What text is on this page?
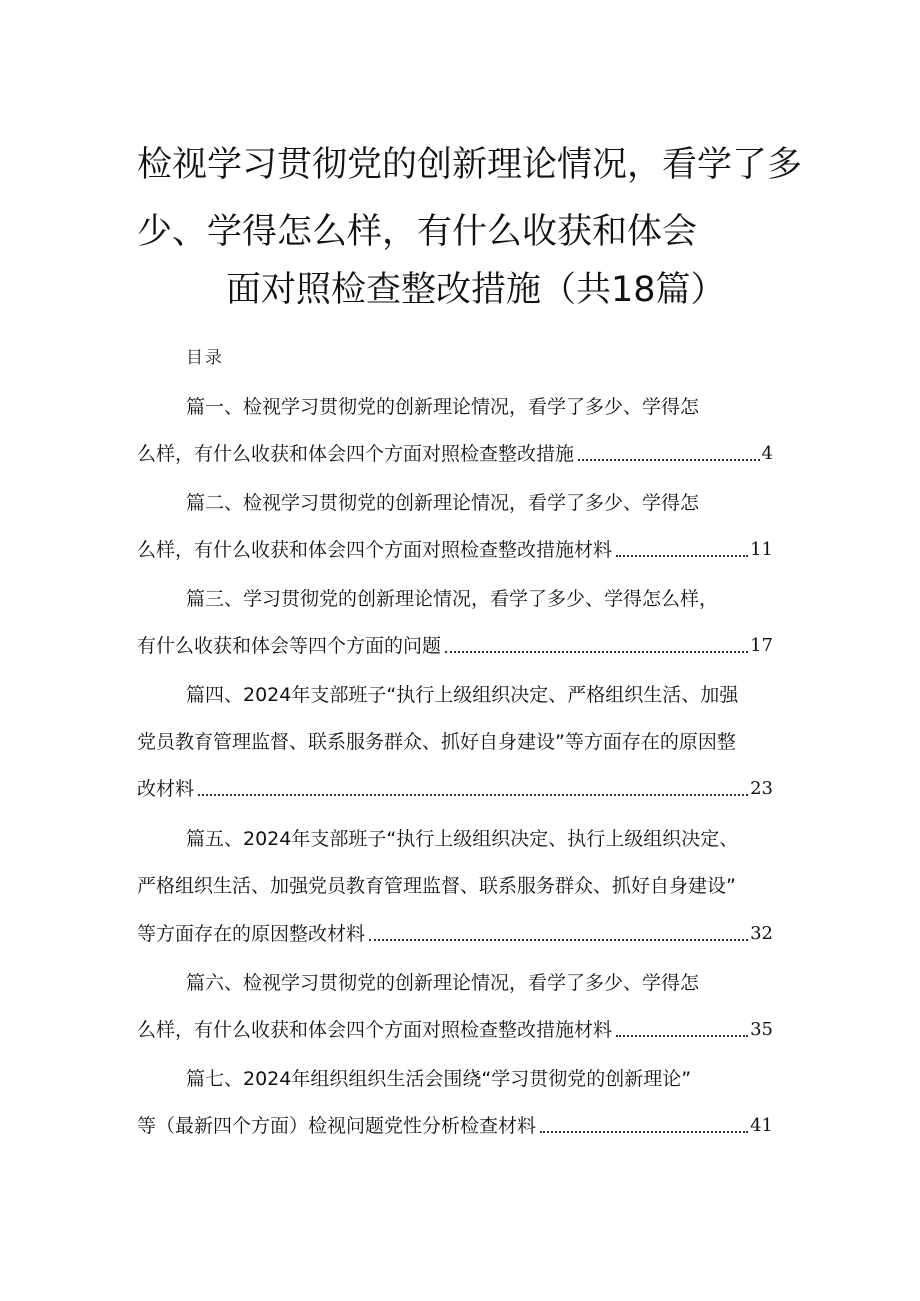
检视学习贯彻党的创新理论情况，看学了多
少、学得怎么样，有什么收获和体会
面对照检查整改措施（共18篇）
目录
篇一、检视学习贯彻党的创新理论情况，看学了多少、学得怎
么样，有什么收获和体会四个方面对照检查整改措施	4
篇二、检视学习贯彻党的创新理论情况，看学了多少、学得怎
么样，有什么收获和体会四个方面对照检查整改措施材料	11
篇三、学习贯彻党的创新理论情况，看学了多少、学得怎么样，
有什么收获和体会等四个方面的问题	17
篇四、2024年支部班子“执行上级组织决定、严格组织生活、加强
党员教育管理监督、联系服务群众、抓好自身建设”等方面存在的原因整
改材料	23
篇五、2024年支部班子“执行上级组织决定、执行上级组织决定、
严格组织生活、加强党员教育管理监督、联系服务群众、抓好自身建设”
等方面存在的原因整改材料	32
篇六、检视学习贯彻党的创新理论情况，看学了多少、学得怎
么样，有什么收获和体会四个方面对照检查整改措施材料	35
篇七、2024年组织组织生活会围绕“学习贯彻党的创新理论”
等（最新四个方面）检视问题党性分析检查材料	41
